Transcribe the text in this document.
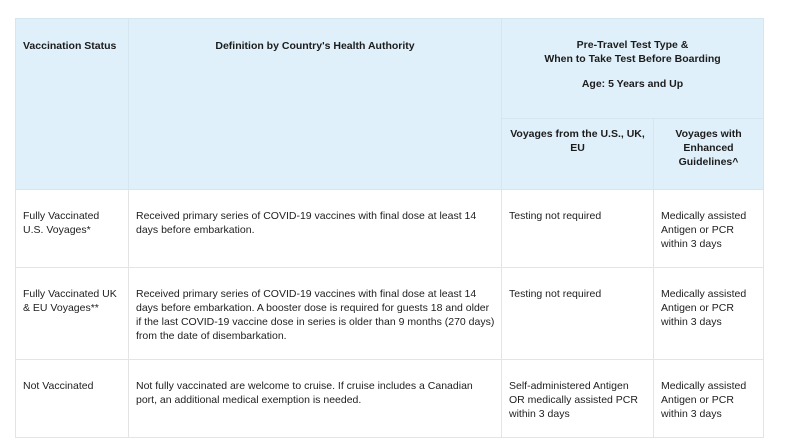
Vaccination Status	Definition by Country's Health Authority	Pre-Travel Test Type &
When to Take Test Before Boarding
Age: 5 Years and Up	

		Voyages from the U.S., UK, EU	Voyages with Enhanced Guidelines^
Fully Vaccinated U.S. Voyages*	Received primary series of COVID-19 vaccines with final dose at least 14 days before embarkation.	Testing not required	Medically assisted Antigen or PCR within 3 days
Fully Vaccinated UK & EU Voyages**	Received primary series of COVID-19 vaccines with final dose at least 14 days before embarkation. A booster dose is required for guests 18 and older if the last COVID-19 vaccine dose in series is older than 9 months (270 days) from the date of disembarkation.	Testing not required	Medically assisted Antigen or PCR within 3 days
Not Vaccinated	Not fully vaccinated are welcome to cruise. If cruise includes a Canadian port, an additional medical exemption is needed.	Self-administered Antigen OR medically assisted PCR within 3 days	Medically assisted Antigen or PCR within 3 days
